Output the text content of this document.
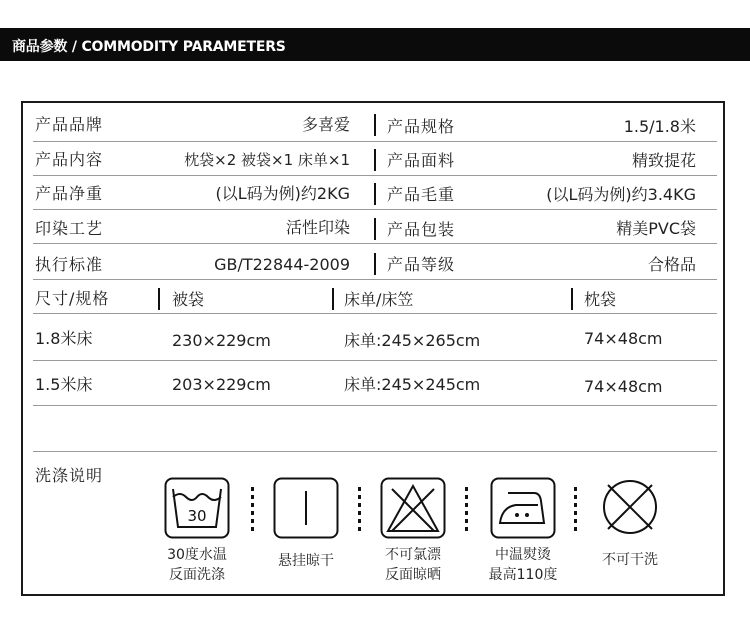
商品参数 / COMMODITY PARAMETERS
产品品牌	多喜爱 产品规格	1.5/1.8米
产品内容	枕袋×2 被袋×1 床单×1 产品面料	精致提花
产品净重	(以L码为例)约2KG 产品毛重	(以L码为例)约3.4KG
印染工艺	活性印染 产品包装	精美PVC袋
执行标准	GB/T22844-2009 产品等级	合格品
尺寸/规格	被袋	床单/床笠	枕袋
1.8米床	230×229cm	床单:245×265cm	74×48cm
1.5米床	203×229cm	床单:245×245cm	74×48cm
洗涤说明
30
30度水温
反面洗涤
悬挂晾干	不可氯漂
反面晾晒
中温熨烫
最高110度
不可干洗
